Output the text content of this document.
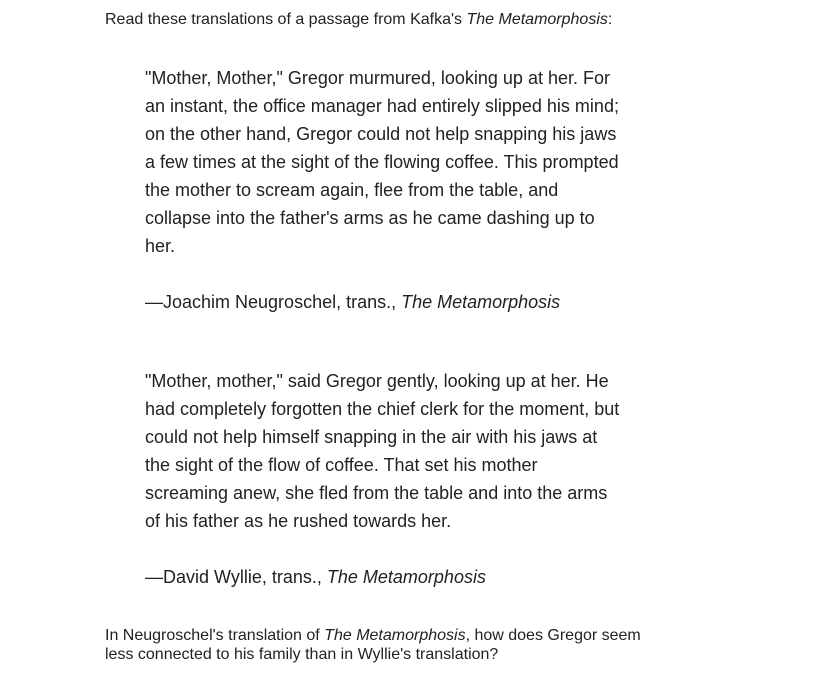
Read these translations of a passage from Kafka's The Metamorphosis:

"Mother, Mother," Gregor murmured, looking up at her. For an instant, the office manager had entirely slipped his mind; on the other hand, Gregor could not help snapping his jaws a few times at the sight of the flowing coffee. This prompted the mother to scream again, flee from the table, and collapse into the father's arms as he came dashing up to her.

—Joachim Neugroschel, trans., The Metamorphosis

"Mother, mother," said Gregor gently, looking up at her. He had completely forgotten the chief clerk for the moment, but could not help himself snapping in the air with his jaws at the sight of the flow of coffee. That set his mother screaming anew, she fled from the table and into the arms of his father as he rushed towards her.

—David Wyllie, trans., The Metamorphosis

In Neugroschel's translation of The Metamorphosis, how does Gregor seem less connected to his family than in Wyllie's translation?
